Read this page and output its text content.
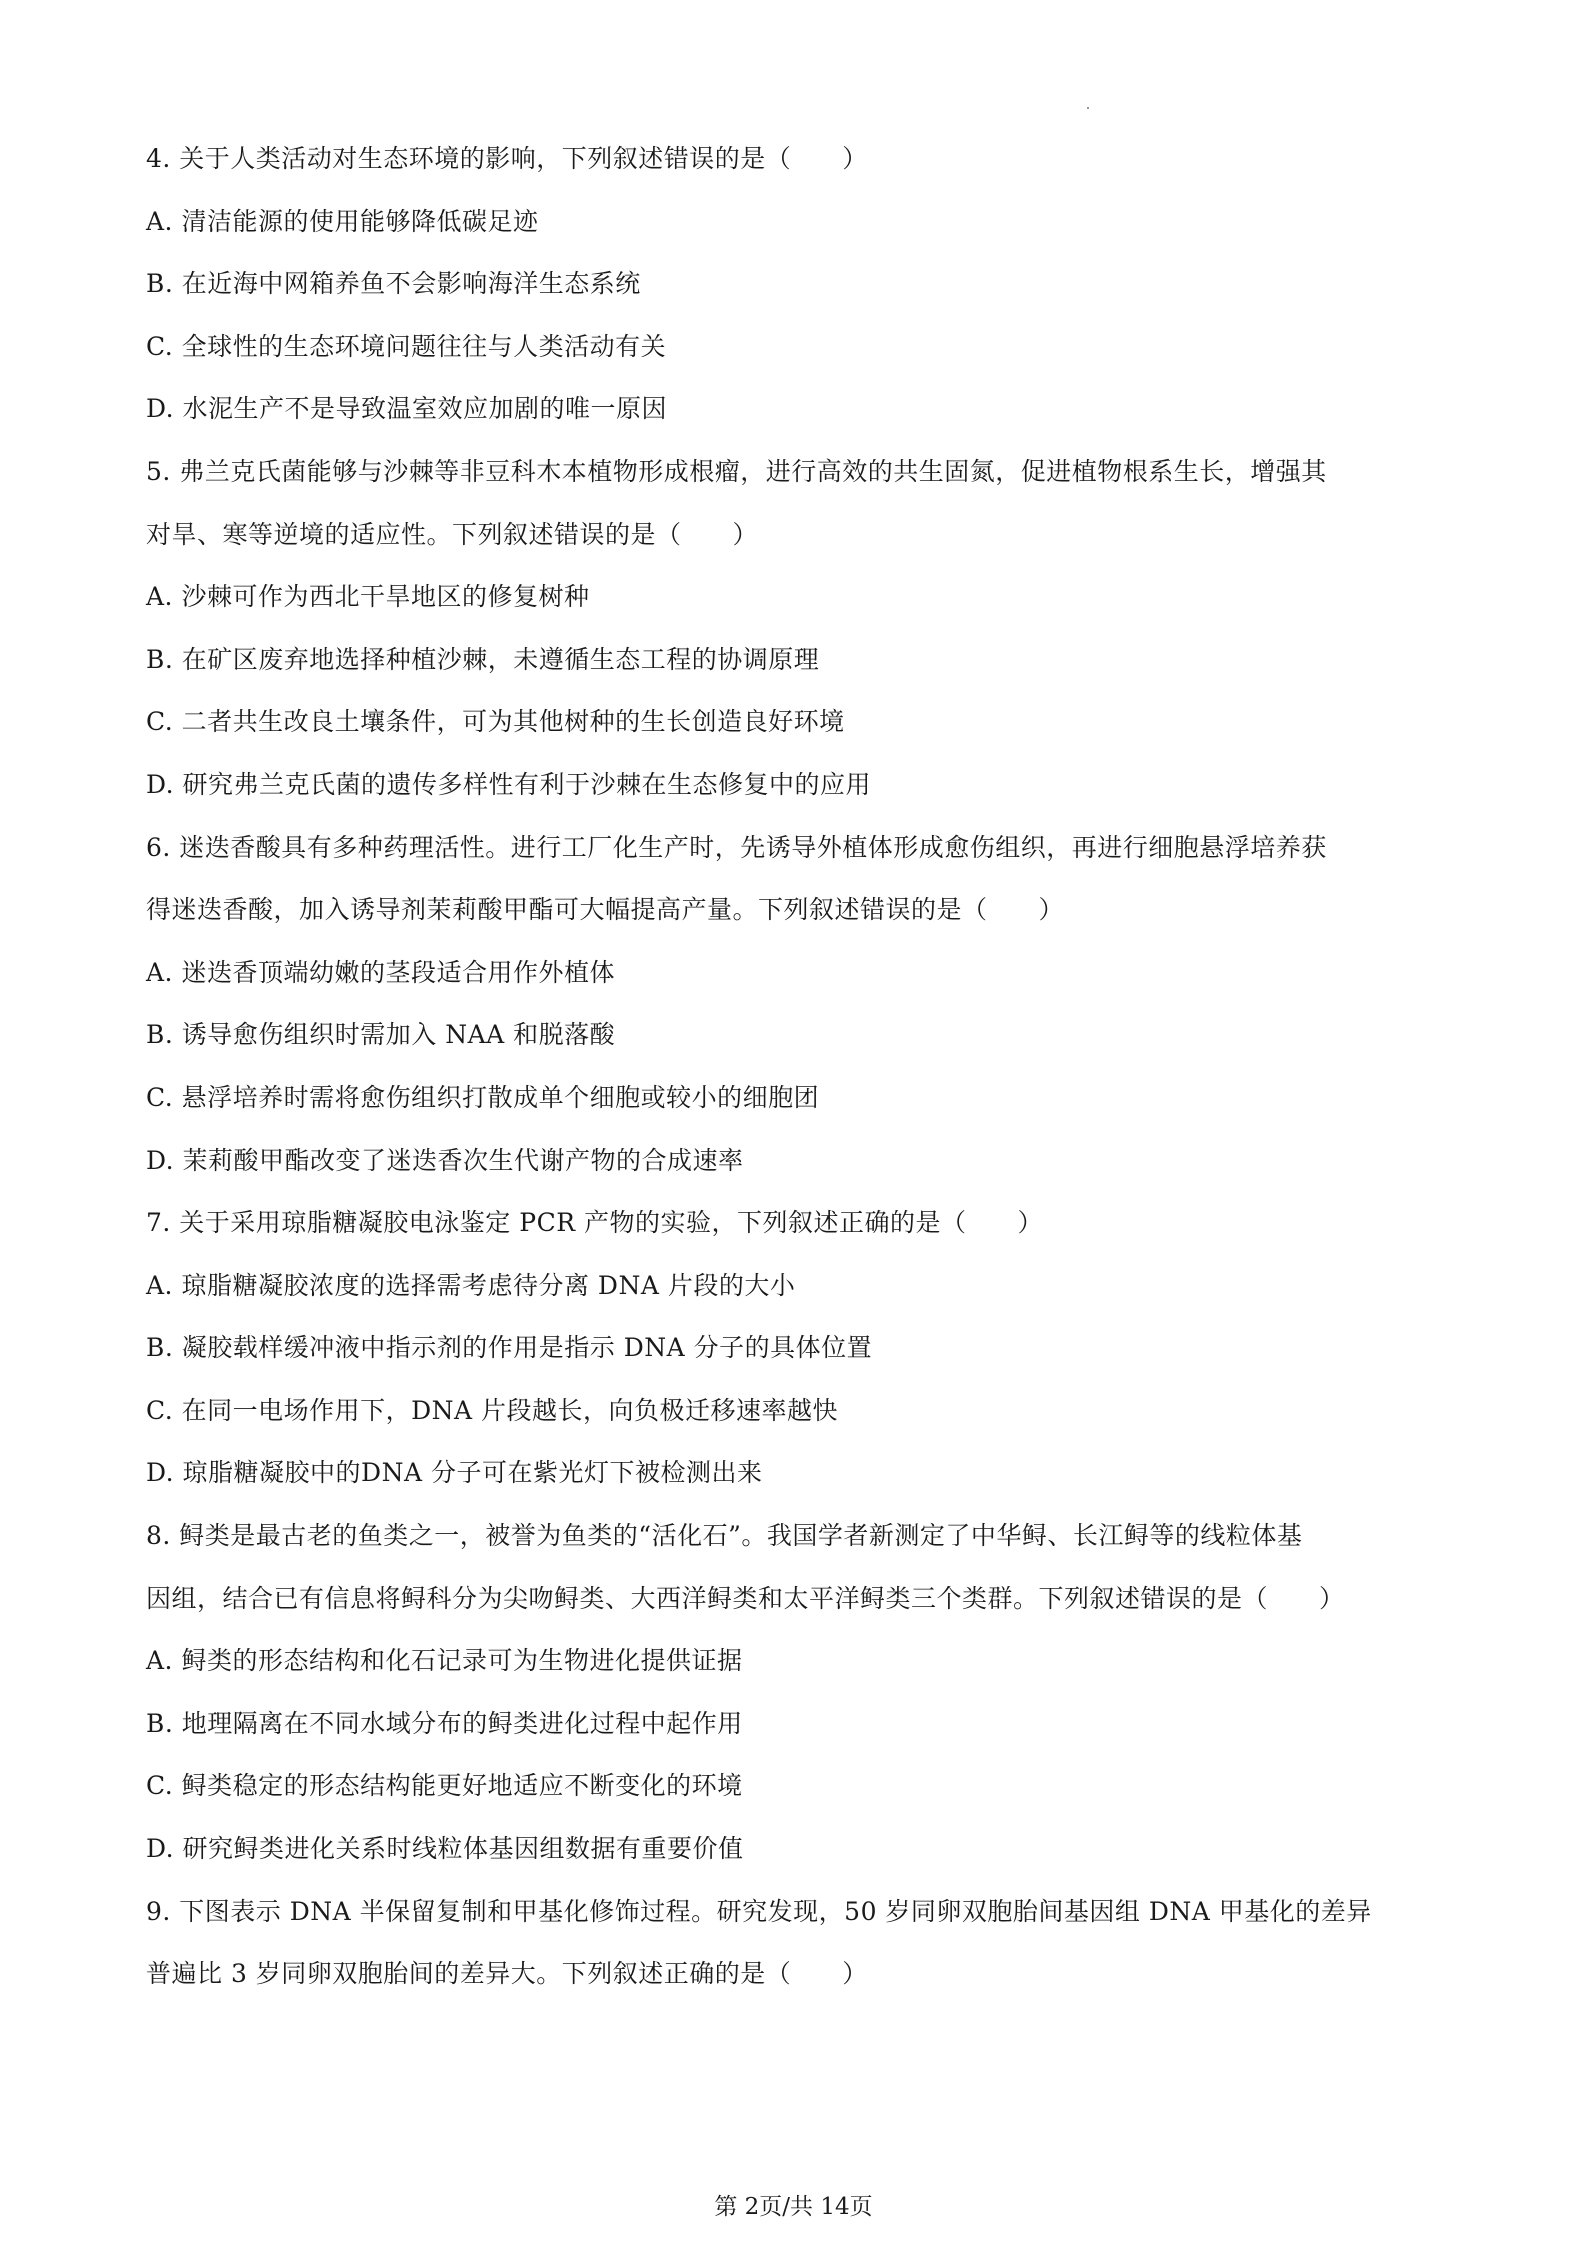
4. 关于人类活动对生态环境的影响，下列叙述错误的是（　　）
A. 清洁能源的使用能够降低碳足迹
B. 在近海中网箱养鱼不会影响海洋生态系统
C. 全球性的生态环境问题往往与人类活动有关
D. 水泥生产不是导致温室效应加剧的唯一原因
5. 弗兰克氏菌能够与沙棘等非豆科木本植物形成根瘤，进行高效的共生固氮，促进植物根系生长，增强其
对旱、寒等逆境的适应性。下列叙述错误的是（　　）
A. 沙棘可作为西北干旱地区的修复树种
B. 在矿区废弃地选择种植沙棘，未遵循生态工程的协调原理
C. 二者共生改良土壤条件，可为其他树种的生长创造良好环境
D. 研究弗兰克氏菌的遗传多样性有利于沙棘在生态修复中的应用
6. 迷迭香酸具有多种药理活性。进行工厂化生产时，先诱导外植体形成愈伤组织，再进行细胞悬浮培养获
得迷迭香酸，加入诱导剂茉莉酸甲酯可大幅提高产量。下列叙述错误的是（　　）
A. 迷迭香顶端幼嫩的茎段适合用作外植体
B. 诱导愈伤组织时需加入 NAA 和脱落酸
C. 悬浮培养时需将愈伤组织打散成单个细胞或较小的细胞团
D. 茉莉酸甲酯改变了迷迭香次生代谢产物的合成速率
7. 关于采用琼脂糖凝胶电泳鉴定 PCR 产物的实验，下列叙述正确的是（　　）
A. 琼脂糖凝胶浓度的选择需考虑待分离 DNA 片段的大小
B. 凝胶载样缓冲液中指示剂的作用是指示 DNA 分子的具体位置
C. 在同一电场作用下，DNA 片段越长，向负极迁移速率越快
D. 琼脂糖凝胶中的DNA 分子可在紫光灯下被检测出来
8. 鲟类是最古老的鱼类之一，被誉为鱼类的“活化石”。我国学者新测定了中华鲟、长江鲟等的线粒体基
因组，结合已有信息将鲟科分为尖吻鲟类、大西洋鲟类和太平洋鲟类三个类群。下列叙述错误的是（　　）
A. 鲟类的形态结构和化石记录可为生物进化提供证据
B. 地理隔离在不同水域分布的鲟类进化过程中起作用
C. 鲟类稳定的形态结构能更好地适应不断变化的环境
D. 研究鲟类进化关系时线粒体基因组数据有重要价值
9. 下图表示 DNA 半保留复制和甲基化修饰过程。研究发现，50 岁同卵双胞胎间基因组 DNA 甲基化的差异
普遍比 3 岁同卵双胞胎间的差异大。下列叙述正确的是（　　）
第 2页/共 14页
